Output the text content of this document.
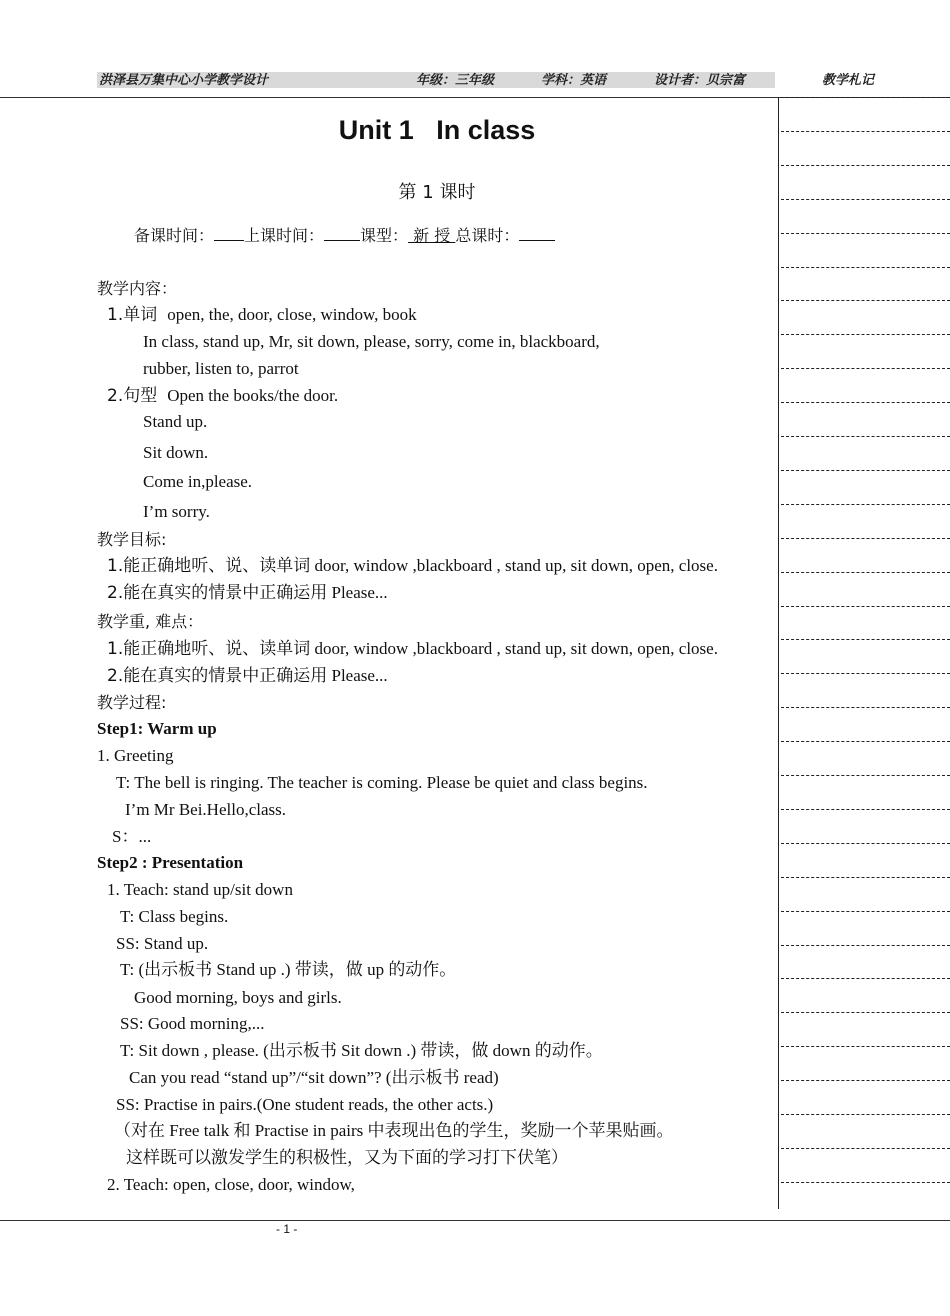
洪泽县万集中心小学教学设计	年级：三年级	学科：英语	设计者：贝宗富	教学札记
Unit 1   In class
第 1 课时
备课时间： 上课时间： 课型： 新 授 总课时：
教学内容：
1.单词 open, the, door, close, window, book
In class, stand up, Mr, sit down, please, sorry, come in, blackboard,
rubber, listen to, parrot
2.句型 Open the books/the door.
Stand up.
Sit down.
Come in,please.
I’m sorry.
教学目标:
1.能正确地听、说、读单词 door, window ,blackboard , stand up, sit down, open, close.
2.能在真实的情景中正确运用 Please...
教学重, 难点：
1.能正确地听、说、读单词 door, window ,blackboard , stand up, sit down, open, close.
2.能在真实的情景中正确运用 Please...
教学过程:
Step1: Warm up
1. Greeting
T: The bell is ringing. The teacher is coming. Please be quiet and class begins.
I’m Mr Bei.Hello,class.
S：...
Step2 : Presentation
1. Teach: stand up/sit down
T: Class begins.
SS: Stand up.
T: (出示板书 Stand up .) 带读，做 up 的动作。
Good morning, boys and girls.
SS: Good morning,...
T: Sit down , please. (出示板书 Sit down .) 带读，做 down 的动作。
Can you read “stand up”/“sit down”? (出示板书 read)
SS: Practise in pairs.(One student reads, the other acts.)
（对在 Free talk 和 Practise in pairs 中表现出色的学生，奖励一个苹果贴画。
这样既可以激发学生的积极性，又为下面的学习打下伏笔）
2. Teach: open, close, door, window,
- 1 -
